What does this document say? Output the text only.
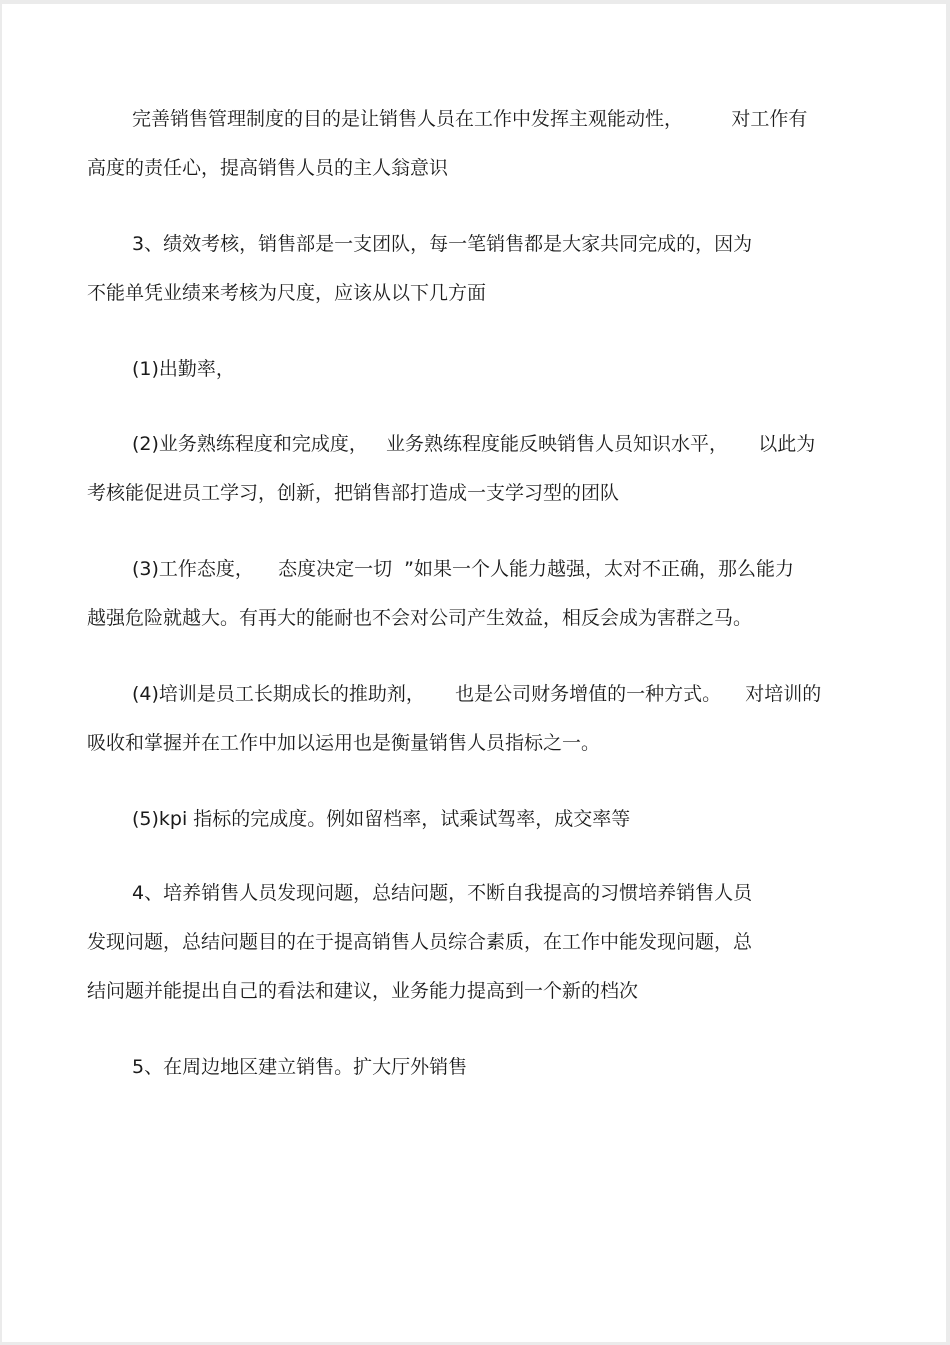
完善销售管理制度的目的是让销售人员在工作中发挥主观能动性，        对工作有
高度的责任心，提高销售人员的主人翁意识
3、绩效考核，销售部是一支团队，每一笔销售都是大家共同完成的，因为
不能单凭业绩来考核为尺度，应该从以下几方面
(1)出勤率，
(2)业务熟练程度和完成度，   业务熟练程度能反映销售人员知识水平，     以此为
考核能促进员工学习，创新，把销售部打造成一支学习型的团队
(3)工作态度，    态度决定一切  ”如果一个人能力越强，太对不正确，那么能力
越强危险就越大。有再大的能耐也不会对公司产生效益，相反会成为害群之马。
(4)培训是员工长期成长的推助剂，     也是公司财务增值的一种方式。    对培训的
吸收和掌握并在工作中加以运用也是衡量销售人员指标之一。
(5)kpi 指标的完成度。例如留档率，试乘试驾率，成交率等
4、培养销售人员发现问题，总结问题，不断自我提高的习惯培养销售人员
发现问题，总结问题目的在于提高销售人员综合素质，在工作中能发现问题，总
结问题并能提出自己的看法和建议，业务能力提高到一个新的档次
5、在周边地区建立销售。扩大厅外销售
